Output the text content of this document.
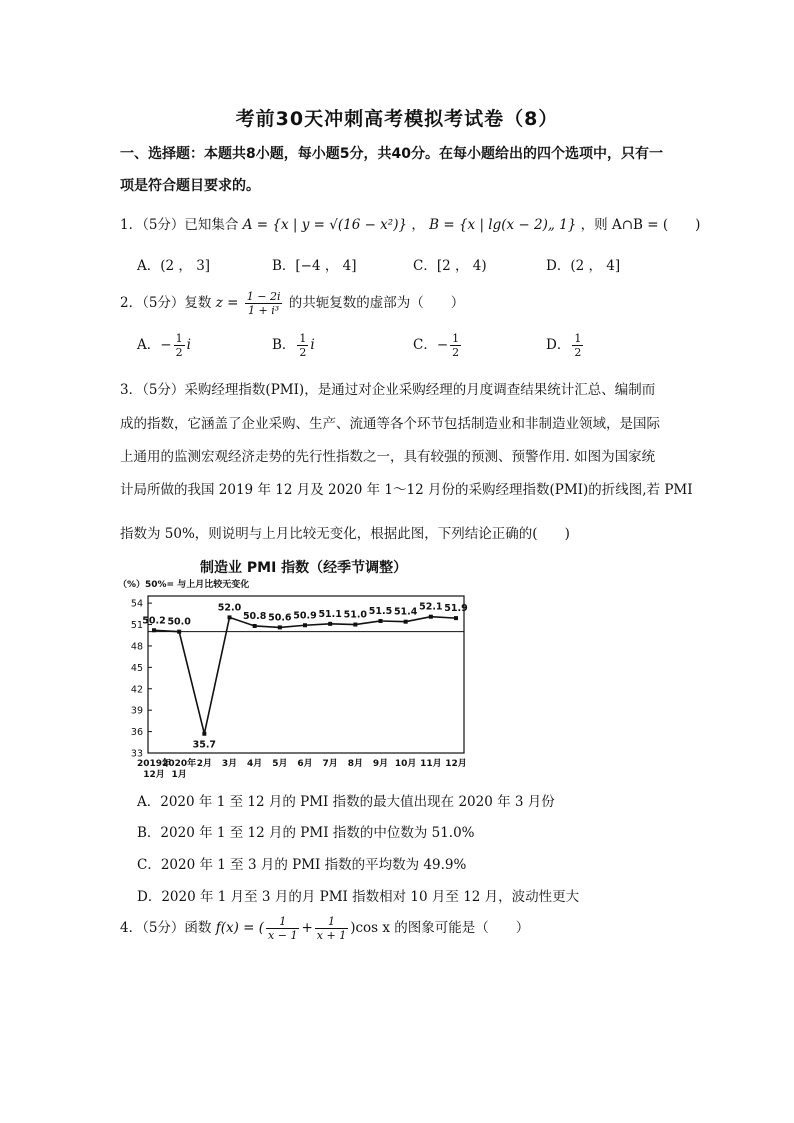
考前30天冲刺高考模拟考试卷（8）
一、选择题：本题共8小题，每小题5分，共40分。在每小题给出的四个选项中，只有一
项是符合题目要求的。
1．（5分）已知集合 A = {x | y = √(16 − x²)} ， B = {x | lg(x − 2)„ 1} ，则 A∩B = (　　)
A．(2 ， 3]	B．[−4 ， 4]	C．[2 ， 4)	D．(2 ， 4]
2．（5分）复数 $z = \frac{1 - 2i}{\text{1 + i³}}$ 的共轭复数的虚部为（　　）
A．− $\frac{1}{2}$ i	B． $\frac{1}{2}$ i	C．− $\frac{1}{2}$	D． $\frac{1}{2}$
3．（5分）采购经理指数(PMI)，是通过对企业采购经理的月度调查结果统计汇总、编制而
成的指数，它涵盖了企业采购、生产、流通等各个环节包括制造业和非制造业领域，是国际
上通用的监测宏观经济走势的先行性指数之一，具有较强的预测、预警作用. 如图为国家统
计局所做的我国 2019 年 12 月及 2020 年 1～12 月份的采购经理指数(PMI)的折线图,若 PMI
指数为 50%，则说明与上月比较无变化，根据此图，下列结论正确的(　　)
制造业 PMI 指数（经季节调整）
（%）50%= 与上月比较无变化
33
36
39
42
45
48
51
54
50.2 50.0
35.7
52.0
50.8 50.6 50.9 51.1 51.0 51.5 51.4 52.1 51.9
2019年
12月
2020年
1月
2月 3月 4月 5月 6月 7月 8月 9月 10月 11月 12月
A．2020 年 1 至 12 月的 PMI 指数的最大值出现在 2020 年 3 月份
B．2020 年 1 至 12 月的 PMI 指数的中位数为 51.0%
C．2020 年 1 至 3 月的 PMI 指数的平均数为 49.9%
D．2020 年 1 月至 3 月的月 PMI 指数相对 10 月至 12 月，波动性更大
4．（5分）函数 f(x) = ( $\frac{1}{x - 1} + \frac{1}{x + 1} )\cos$ x 的图象可能是（　　）
